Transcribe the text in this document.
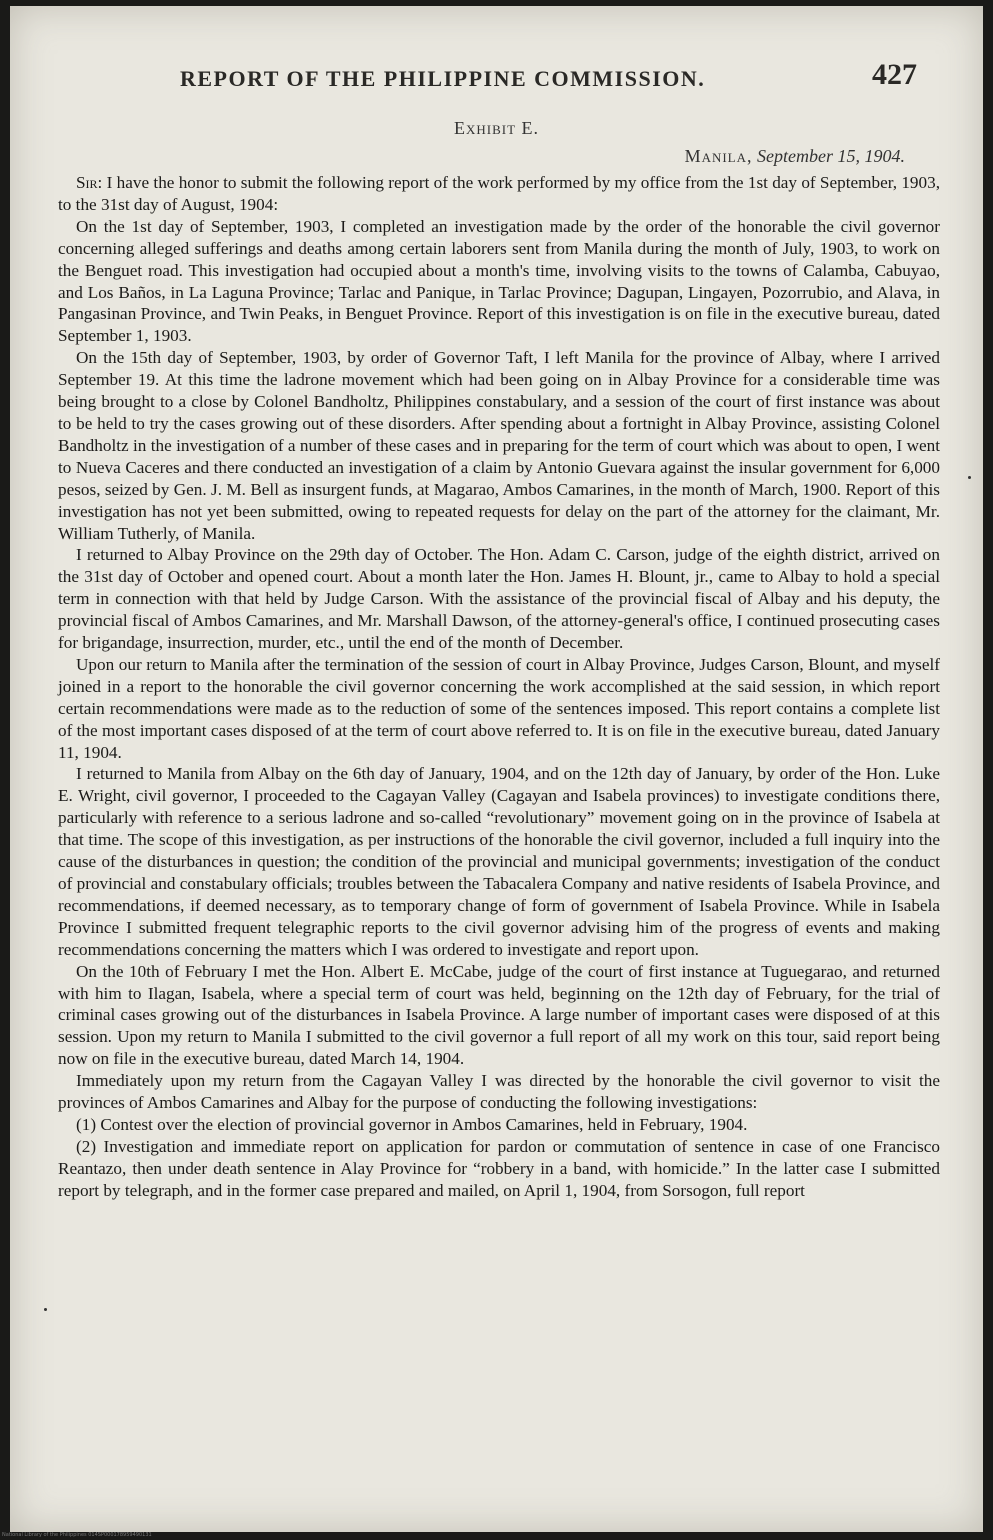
REPORT OF THE PHILIPPINE COMMISSION.	427
Exhibit E.
Manila, September 15, 1904.

Sir: I have the honor to submit the following report of the work performed by my office from the 1st day of September, 1903, to the 31st day of August, 1904:

On the 1st day of September, 1903, I completed an investigation made by the order of the honorable the civil governor concerning alleged sufferings and deaths among certain laborers sent from Manila during the month of July, 1903, to work on the Benguet road. This investigation had occupied about a month's time, involving visits to the towns of Calamba, Cabuyao, and Los Baños, in La Laguna Province; Tarlac and Panique, in Tarlac Province; Dagupan, Lingayen, Pozorrubio, and Alava, in Pangasinan Province, and Twin Peaks, in Benguet Province. Report of this investigation is on file in the executive bureau, dated September 1, 1903.

On the 15th day of September, 1903, by order of Governor Taft, I left Manila for the province of Albay, where I arrived September 19. At this time the ladrone movement which had been going on in Albay Province for a considerable time was being brought to a close by Colonel Bandholtz, Philippines constabulary, and a session of the court of first instance was about to be held to try the cases growing out of these disorders. After spending about a fortnight in Albay Province, assisting Colonel Bandholtz in the investigation of a number of these cases and in preparing for the term of court which was about to open, I went to Nueva Caceres and there conducted an investigation of a claim by Antonio Guevara against the insular government for 6,000 pesos, seized by Gen. J. M. Bell as insurgent funds, at Magarao, Ambos Camarines, in the month of March, 1900. Report of this investigation has not yet been submitted, owing to repeated requests for delay on the part of the attorney for the claimant, Mr. William Tutherly, of Manila.

I returned to Albay Province on the 29th day of October. The Hon. Adam C. Carson, judge of the eighth district, arrived on the 31st day of October and opened court. About a month later the Hon. James H. Blount, jr., came to Albay to hold a special term in connection with that held by Judge Carson. With the assistance of the provincial fiscal of Albay and his deputy, the provincial fiscal of Ambos Camarines, and Mr. Marshall Dawson, of the attorney-general's office, I continued prosecuting cases for brigandage, insurrection, murder, etc., until the end of the month of December.

Upon our return to Manila after the termination of the session of court in Albay Province, Judges Carson, Blount, and myself joined in a report to the honorable the civil governor concerning the work accomplished at the said session, in which report certain recommendations were made as to the reduction of some of the sentences imposed. This report contains a complete list of the most important cases disposed of at the term of court above referred to. It is on file in the executive bureau, dated January 11, 1904.

I returned to Manila from Albay on the 6th day of January, 1904, and on the 12th day of January, by order of the Hon. Luke E. Wright, civil governor, I proceeded to the Cagayan Valley (Cagayan and Isabela provinces) to investigate conditions there, particularly with reference to a serious ladrone and so-called “revolutionary” movement going on in the province of Isabela at that time. The scope of this investigation, as per instructions of the honorable the civil governor, included a full inquiry into the cause of the disturbances in question; the condition of the provincial and municipal governments; investigation of the conduct of provincial and constabulary officials; troubles between the Tabacalera Company and native residents of Isabela Province, and recommendations, if deemed necessary, as to temporary change of form of government of Isabela Province. While in Isabela Province I submitted frequent telegraphic reports to the civil governor advising him of the progress of events and making recommendations concerning the matters which I was ordered to investigate and report upon.

On the 10th of February I met the Hon. Albert E. McCabe, judge of the court of first instance at Tuguegarao, and returned with him to Ilagan, Isabela, where a special term of court was held, beginning on the 12th day of February, for the trial of criminal cases growing out of the disturbances in Isabela Province. A large number of important cases were disposed of at this session. Upon my return to Manila I submitted to the civil governor a full report of all my work on this tour, said report being now on file in the executive bureau, dated March 14, 1904.

Immediately upon my return from the Cagayan Valley I was directed by the honorable the civil governor to visit the provinces of Ambos Camarines and Albay for the purpose of conducting the following investigations:

(1) Contest over the election of provincial governor in Ambos Camarines, held in February, 1904.

(2) Investigation and immediate report on application for pardon or commutation of sentence in case of one Francisco Reantazo, then under death sentence in Alay Province for “robbery in a band, with homicide.” In the latter case I submitted report by telegraph, and in the former case prepared and mailed, on April 1, 1904, from Sorsogon, full report

National Library of the Philippines 014SP000178959490131
